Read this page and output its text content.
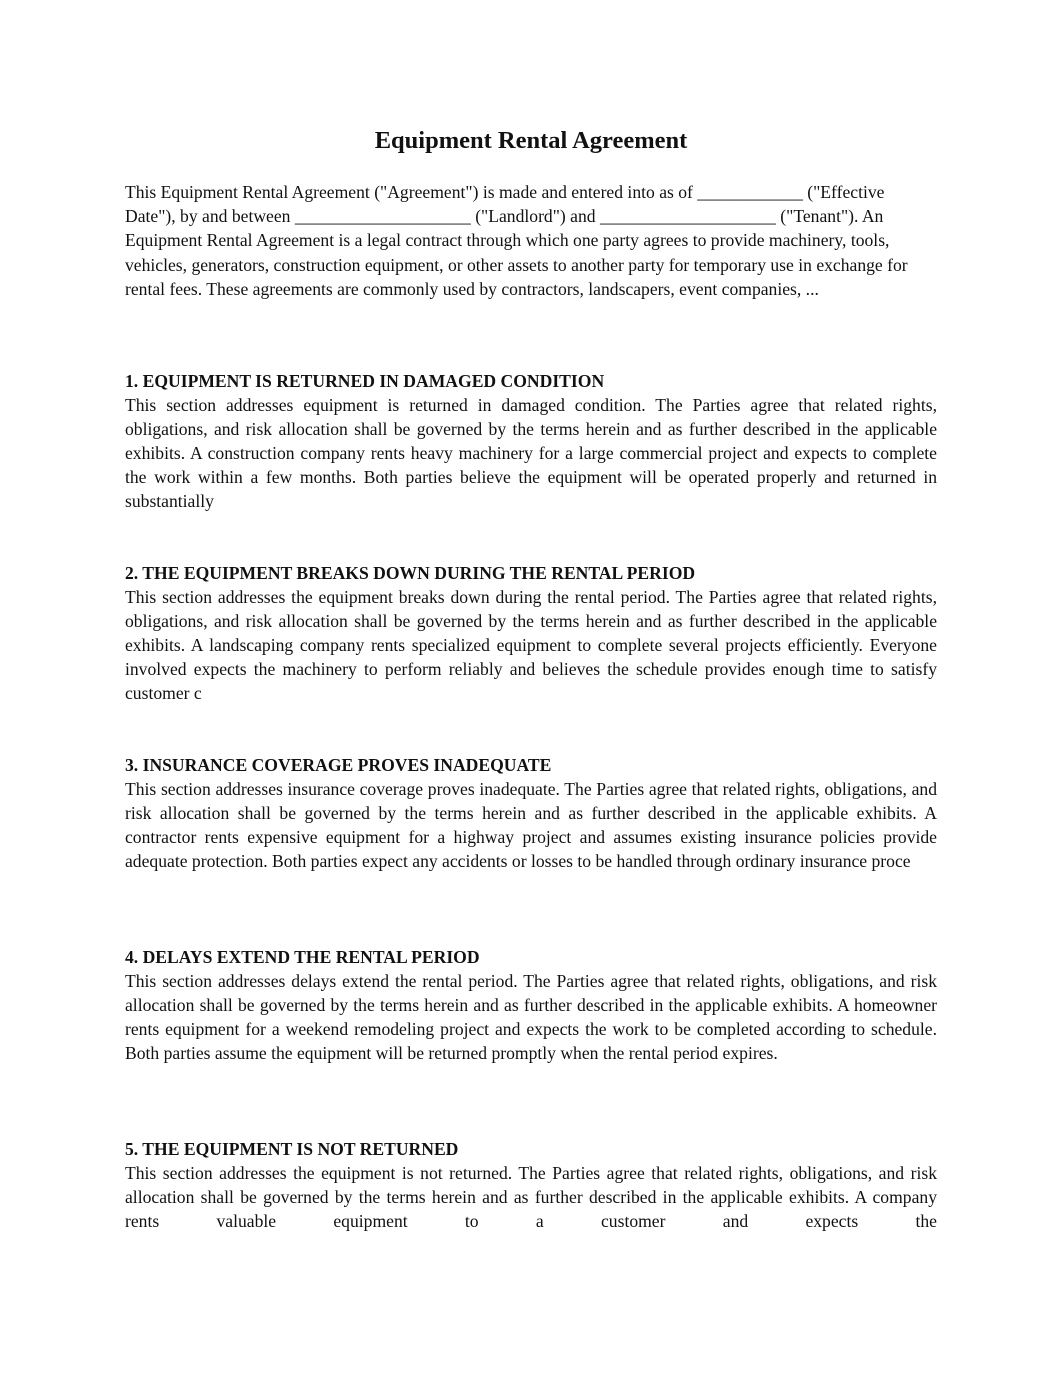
Equipment Rental Agreement

This Equipment Rental Agreement ("Agreement") is made and entered into as of ____________ ("Effective Date"), by and between ____________________ ("Landlord") and ____________________ ("Tenant"). An Equipment Rental Agreement is a legal contract through which one party agrees to provide machinery, tools, vehicles, generators, construction equipment, or other assets to another party for temporary use in exchange for rental fees. These agreements are commonly used by contractors, landscapers, event companies, ...

1. EQUIPMENT IS RETURNED IN DAMAGED CONDITION

This section addresses equipment is returned in damaged condition. The Parties agree that related rights, obligations, and risk allocation shall be governed by the terms herein and as further described in the applicable exhibits. A construction company rents heavy machinery for a large commercial project and expects to complete the work within a few months. Both parties believe the equipment will be operated properly and returned in substantially

2. THE EQUIPMENT BREAKS DOWN DURING THE RENTAL PERIOD

This section addresses the equipment breaks down during the rental period. The Parties agree that related rights, obligations, and risk allocation shall be governed by the terms herein and as further described in the applicable exhibits. A landscaping company rents specialized equipment to complete several projects efficiently. Everyone involved expects the machinery to perform reliably and believes the schedule provides enough time to satisfy customer c

3. INSURANCE COVERAGE PROVES INADEQUATE

This section addresses insurance coverage proves inadequate. The Parties agree that related rights, obligations, and risk allocation shall be governed by the terms herein and as further described in the applicable exhibits. A contractor rents expensive equipment for a highway project and assumes existing insurance policies provide adequate protection. Both parties expect any accidents or losses to be handled through ordinary insurance proce

4. DELAYS EXTEND THE RENTAL PERIOD

This section addresses delays extend the rental period. The Parties agree that related rights, obligations, and risk allocation shall be governed by the terms herein and as further described in the applicable exhibits. A homeowner rents equipment for a weekend remodeling project and expects the work to be completed according to schedule. Both parties assume the equipment will be returned promptly when the rental period expires.

5. THE EQUIPMENT IS NOT RETURNED

This section addresses the equipment is not returned. The Parties agree that related rights, obligations, and risk allocation shall be governed by the terms herein and as further described in the applicable exhibits. A company rents valuable equipment to a customer and expects the
